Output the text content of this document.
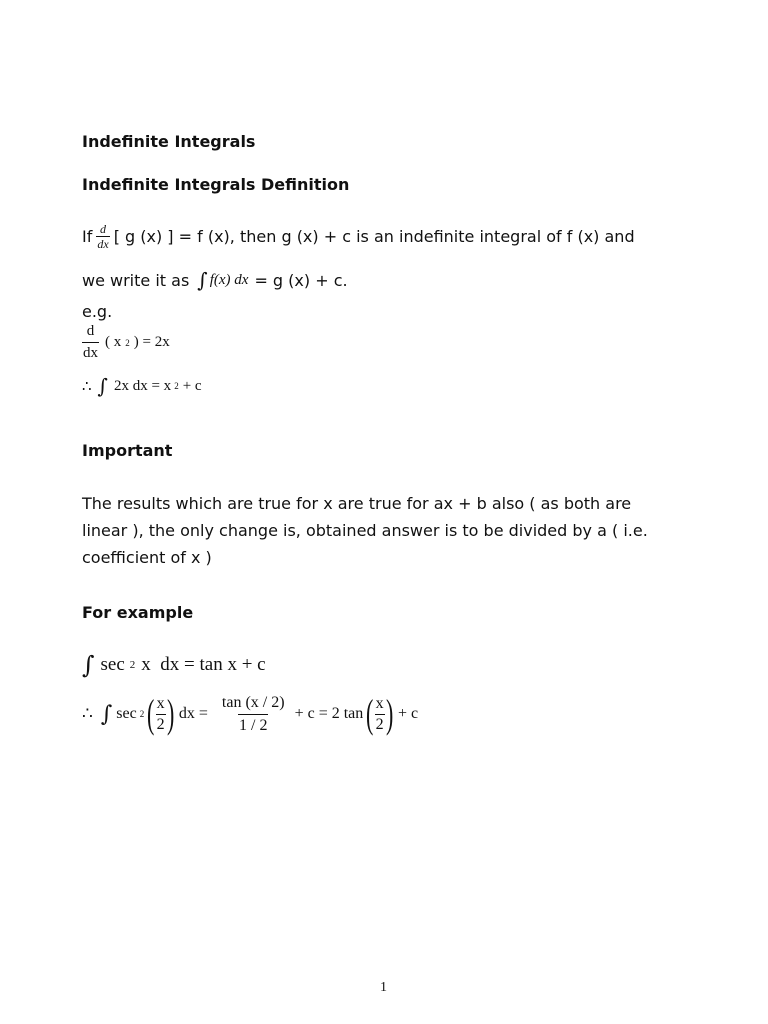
Indefinite Integrals
Indefinite Integrals Definition
If $\frac{d}{dx}$ [ g (x) ] = f (x), then g (x) + c is an indefinite integral of f (x) and
we write it as ∫ f(x) dx = g (x) + c.
e.g.
$\frac{d}{dx}$ ( x 2 ) = 2x
∴ ∫ 2x dx = x 2 + c
Important
The results which are true for x are true for ax + b also ( as both are
linear ), the only change is, obtained answer is to be divided by a ( i.e.
coefficient of x )
For example
∫ sec 2 x  dx = tan x + c
∴ ∫ sec 2 ( $\frac{x}{2}$ ) dx = $\frac{\tan (x / 2)}{1 / 2} + c = 2$ tan ( $\frac{x}{2}$ ) + c
1
